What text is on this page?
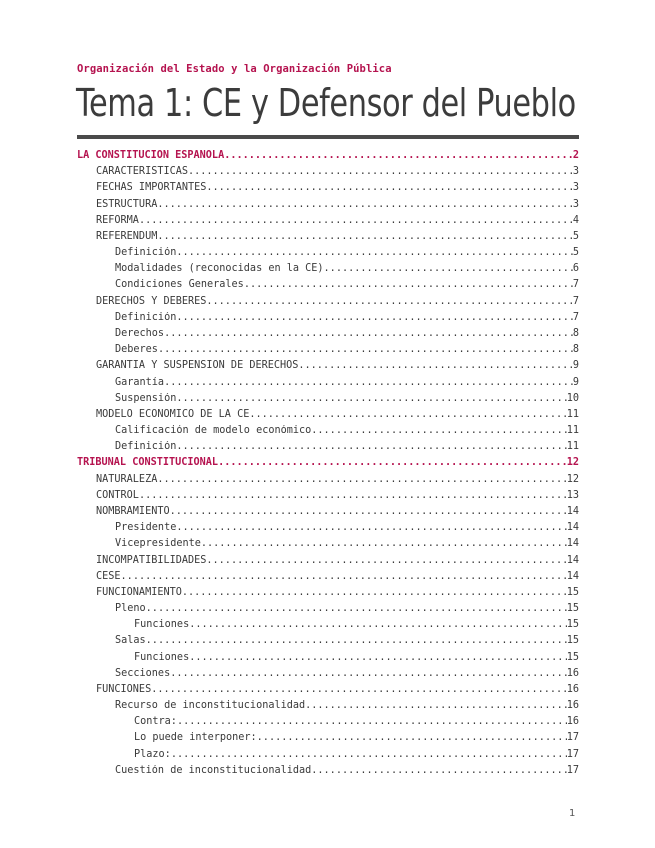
Organización del Estado y la Organización Pública
Tema 1: CE y Defensor del Pueblo
LA CONSTITUCIÓN ESPAÑOLA .....	2
CARACTERÍSTICAS .....	3
FECHAS IMPORTANTES .....	3
ESTRUCTURA .....	3
REFORMA .....	4
REFERÉNDUM .....	5
Definición .....	5
Modalidades (reconocidas en la CE) .....	6
Condiciones Generales .....	7
DERECHOS Y DEBERES .....	7
Definición .....	7
Derechos .....	8
Deberes .....	8
GARANTÍA Y SUSPENSIÓN DE DERECHOS .....	9
Garantía .....	9
Suspensión .....	10
MODELO ECONÓMICO DE LA CE .....	11
Calificación de modelo económico .....	11
Definición .....	11
TRIBUNAL CONSTITUCIONAL .....	12
NATURALEZA .....	12
CONTROL .....	13
NOMBRAMIENTO .....	14
Presidente .....	14
Vicepresidente .....	14
INCOMPATIBILIDADES .....	14
CESE .....	14
FUNCIONAMIENTO .....	15
Pleno .....	15
Funciones .....	15
Salas .....	15
Funciones .....	15
Secciones .....	16
FUNCIONES .....	16
Recurso de inconstitucionalidad .....	16
Contra: .....	16
Lo puede interponer: .....	17
Plazo: .....	17
Cuestión de inconstitucionalidad .....	17
1
